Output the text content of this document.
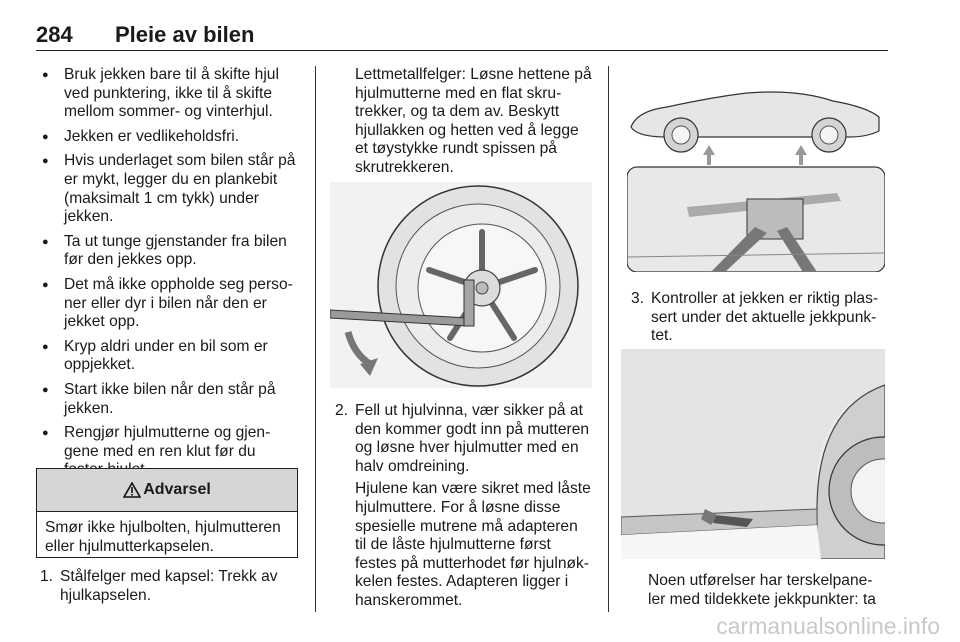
284 Pleie av bilen
● Bruk jekken bare til å skifte hjul ved punktering, ikke til å skifte mellom sommer- og vinterhjul.
● Jekken er vedlikeholdsfri.
● Hvis underlaget som bilen står på er mykt, legger du en plankebit (maksimalt 1 cm tykk) under jekken.
● Ta ut tunge gjenstander fra bilen før den jekkes opp.
● Det må ikke oppholde seg perso-ner eller dyr i bilen når den er jekket opp.
● Kryp aldri under en bil som er oppjekket.
● Start ikke bilen når den står på jekken.
● Rengjør hjulmutterne og gjen-gene med en ren klut før du
Advarsel
Smør ikke hjulbolten, hjulmutteren eller hjulmutterkapselen.
1. Stålfelger med kapsel: Trekk av hjulkapselen.
Lettmetallfelger: Løsne hettene på hjulmutterne med en flat skru-trekker, og ta dem av. Beskytt hjullakken og hetten ved å legge et tøystykke rundt spissen på skrutrekkeren.
2. Fell ut hjulvinna, vær sikker på at den kommer godt inn på mutteren og løsne hver hjulmutter med en halv omdreining.
Hjulene kan være sikret med låste hjulmuttere. For å løsne disse spesielle mutrene må adapteren til de låste hjulmutterne først festes på mutterhodet før hjulnøk-kelen festes. Adapteren ligger i hanskerommet.
3. Kontroller at jekken er riktig plas-sert under det aktuelle jekkpunk-tet.
Noen utførelser har terskelpane-ler med tildekkete jekkpunkter: ta
carmanualsonline.info
